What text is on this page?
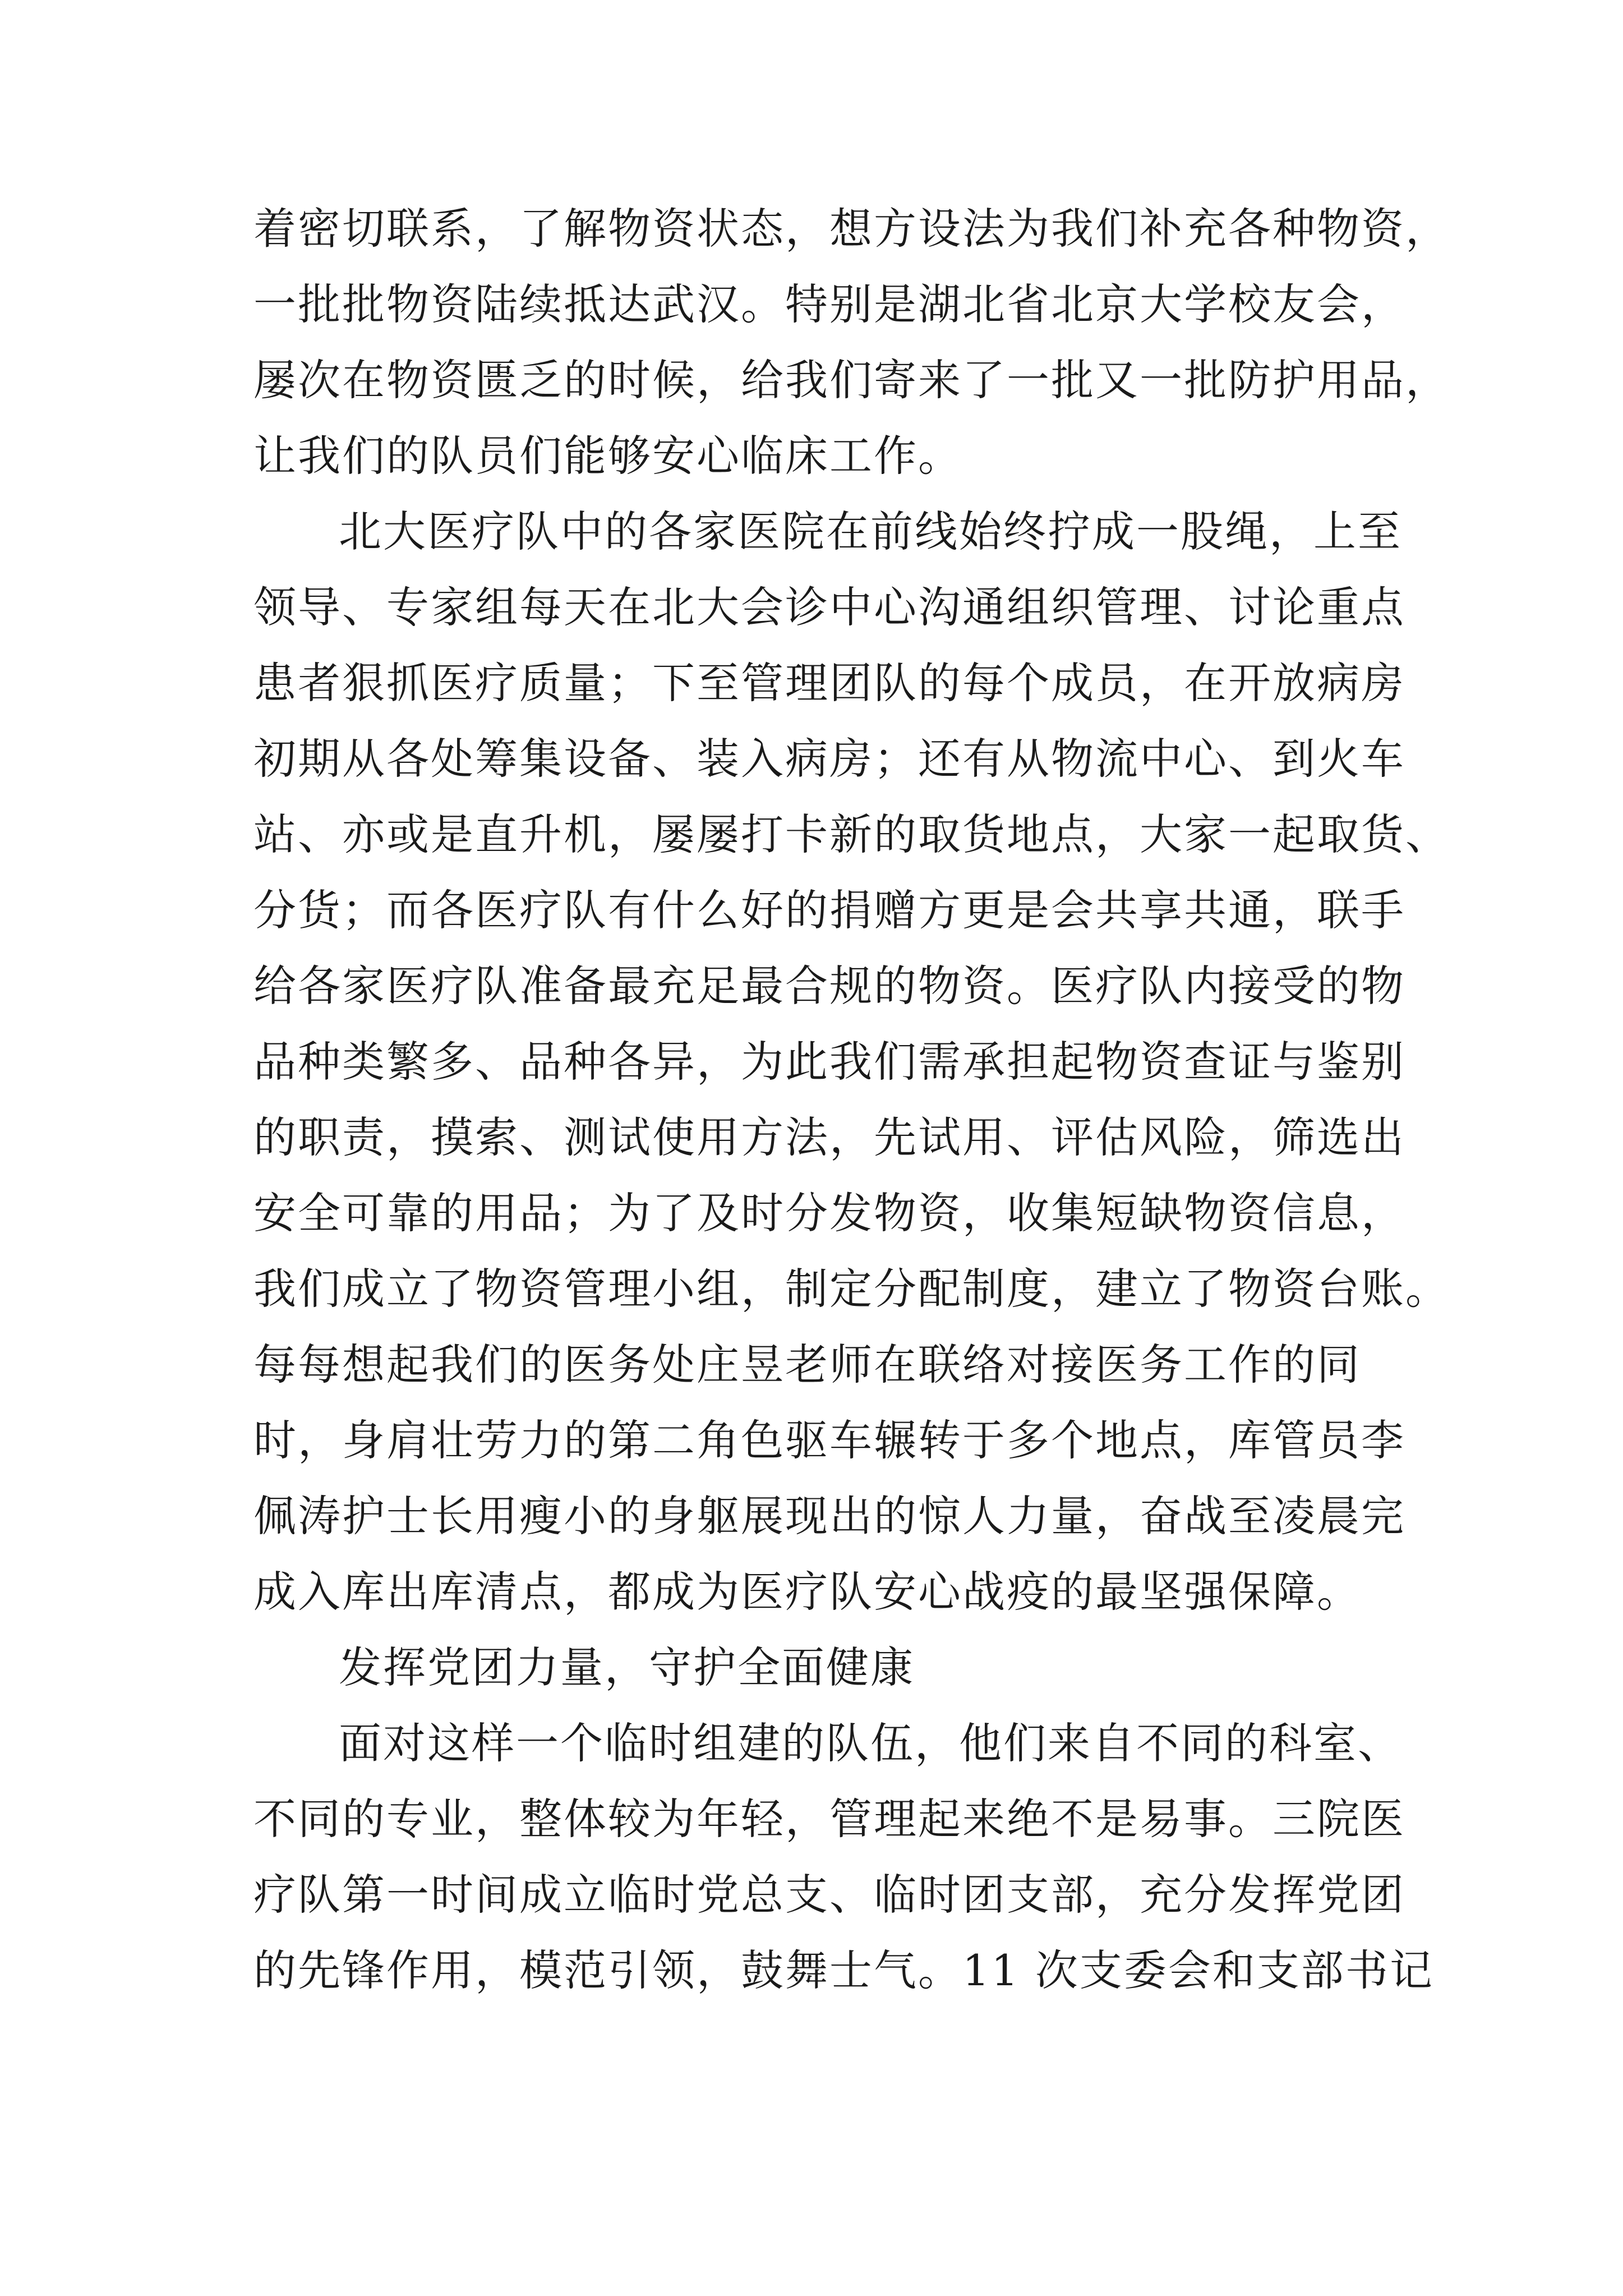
着密切联系，了解物资状态，想方设法为我们补充各种物资，
一批批物资陆续抵达武汉。特别是湖北省北京大学校友会，
屡次在物资匮乏的时候，给我们寄来了一批又一批防护用品，
让我们的队员们能够安心临床工作。
北大医疗队中的各家医院在前线始终拧成一股绳，上至
领导、专家组每天在北大会诊中心沟通组织管理、讨论重点
患者狠抓医疗质量；下至管理团队的每个成员，在开放病房
初期从各处筹集设备、装入病房；还有从物流中心、到火车
站、亦或是直升机，屡屡打卡新的取货地点，大家一起取货、
分货；而各医疗队有什么好的捐赠方更是会共享共通，联手
给各家医疗队准备最充足最合规的物资。医疗队内接受的物
品种类繁多、品种各异，为此我们需承担起物资查证与鉴别
的职责，摸索、测试使用方法，先试用、评估风险，筛选出
安全可靠的用品；为了及时分发物资，收集短缺物资信息，
我们成立了物资管理小组，制定分配制度，建立了物资台账。
每每想起我们的医务处庄昱老师在联络对接医务工作的同
时，身肩壮劳力的第二角色驱车辗转于多个地点，库管员李
佩涛护士长用瘦小的身躯展现出的惊人力量，奋战至凌晨完
成入库出库清点，都成为医疗队安心战疫的最坚强保障。
发挥党团力量，守护全面健康
面对这样一个临时组建的队伍，他们来自不同的科室、
不同的专业，整体较为年轻，管理起来绝不是易事。三院医
疗队第一时间成立临时党总支、临时团支部，充分发挥党团
的先锋作用，模范引领，鼓舞士气。11 次支委会和支部书记
